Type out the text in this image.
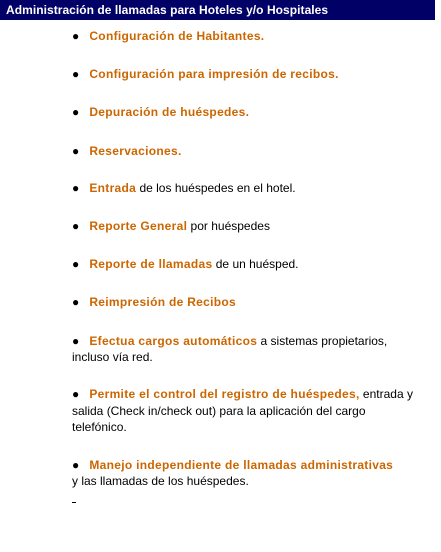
Administración de llamadas para Hoteles y/o Hospitales
● Configuración de Habitantes.
● Configuración para impresión de recibos.
● Depuración de huéspedes.
● Reservaciones.
● Entrada de los huéspedes en el hotel.
● Reporte General por huéspedes
● Reporte de llamadas de un huésped.
● Reimpresión de Recibos
● Efectua cargos automáticos a sistemas propietarios,
incluso vía red.
● Permite el control del registro de huéspedes, entrada y
salida (Check in/check out) para la aplicación del cargo
telefónico.
● Manejo independiente de llamadas administrativas
y las llamadas de los huéspedes.
